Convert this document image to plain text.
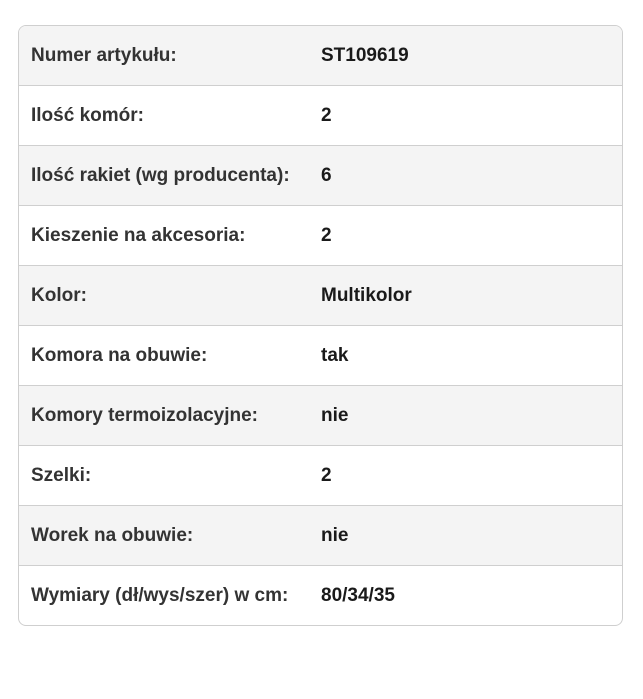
Numer artykułu:	ST109619
Ilość komór:	2
Ilość rakiet (wg producenta):	6
Kieszenie na akcesoria:	2
Kolor:	Multikolor
Komora na obuwie:	tak
Komory termoizolacyjne:	nie
Szelki:	2
Worek na obuwie:	nie
Wymiary (dł/wys/szer) w cm:	80/34/35
